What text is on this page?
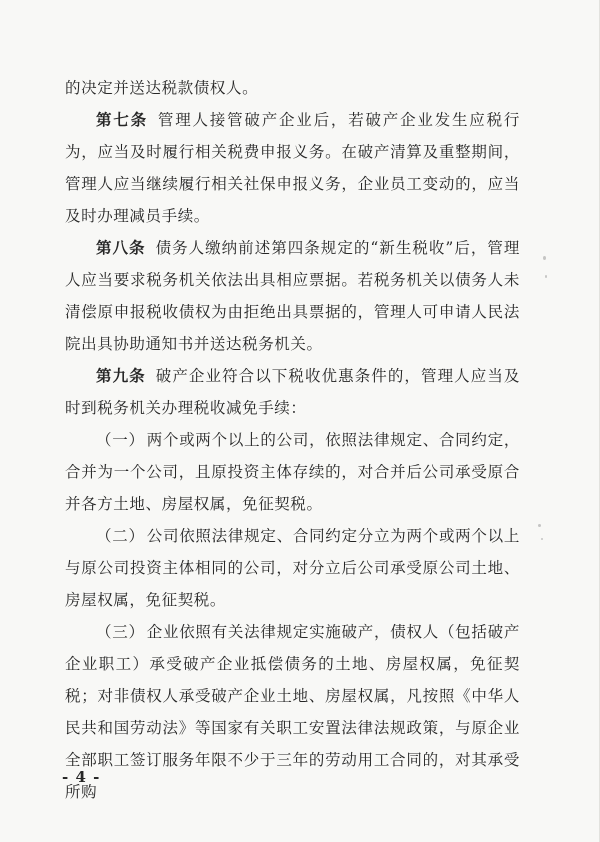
的决定并送达税款债权人。

第七条 管理人接管破产企业后，若破产企业发生应税行为，应当及时履行相关税费申报义务。在破产清算及重整期间，管理人应当继续履行相关社保申报义务，企业员工变动的，应当及时办理减员手续。

第八条 债务人缴纳前述第四条规定的“新生税收”后，管理人应当要求税务机关依法出具相应票据。若税务机关以债务人未清偿原申报税收债权为由拒绝出具票据的，管理人可申请人民法院出具协助通知书并送达税务机关。

第九条 破产企业符合以下税收优惠条件的，管理人应当及时到税务机关办理税收减免手续：

（一） 两个或两个以上的公司，依照法律规定、合同约定，合并为一个公司，且原投资主体存续的，对合并后公司承受原合并各方土地、房屋权属，免征契税。

（二） 公司依照法律规定、合同约定分立为两个或两个以上与原公司投资主体相同的公司，对分立后公司承受原公司土地、房屋权属，免征契税。

（三） 企业依照有关法律规定实施破产，债权人（包括破产企业职工）承受破产企业抵偿债务的土地、房屋权属，免征契税；对非债权人承受破产企业土地、房屋权属，凡按照《中华人民共和国劳动法》等国家有关职工安置法律法规政策，与原企业全部职工签订服务年限不少于三年的劳动用工合同的，对其承受所购

- 4 -
